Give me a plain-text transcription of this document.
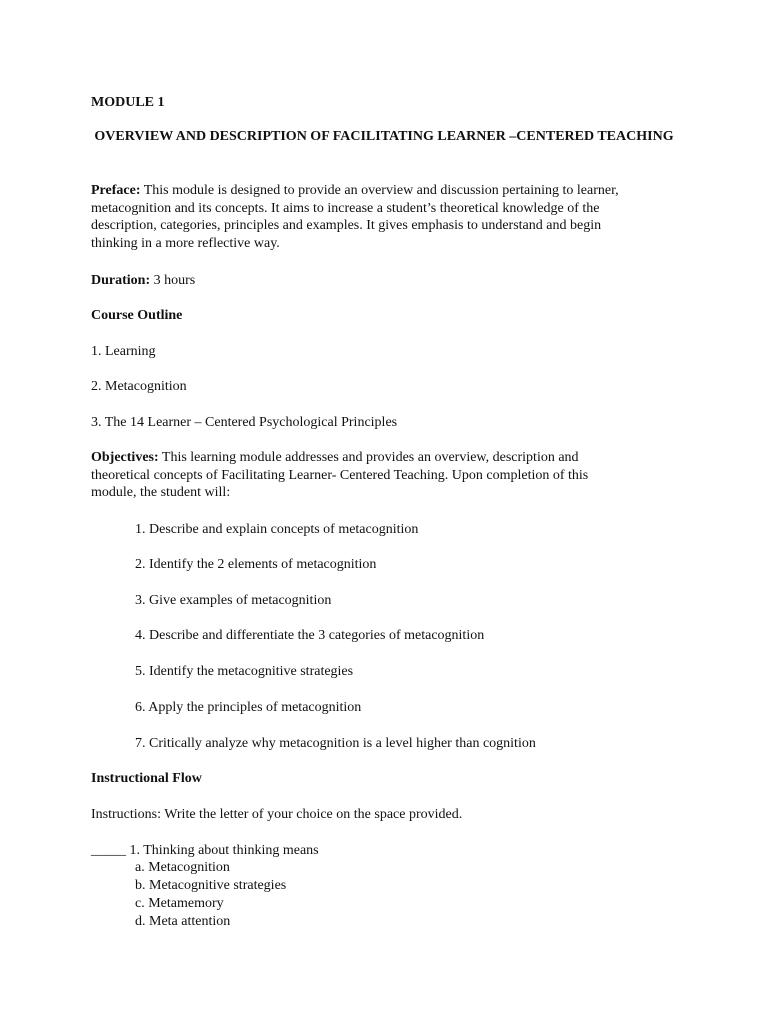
MODULE 1
OVERVIEW AND DESCRIPTION OF FACILITATING LEARNER –CENTERED TEACHING
Preface: This module is designed to provide an overview and discussion pertaining to learner,
metacognition and its concepts. It aims to increase a student’s theoretical knowledge of the
description, categories, principles and examples. It gives emphasis to understand and begin
thinking in a more reflective way.
Duration: 3 hours
Course Outline
1. Learning
2. Metacognition
3. The 14 Learner – Centered Psychological Principles
Objectives: This learning module addresses and provides an overview, description and
theoretical concepts of Facilitating Learner- Centered Teaching. Upon completion of this
module, the student will:
1. Describe and explain concepts of metacognition
2. Identify the 2 elements of metacognition
3. Give examples of metacognition
4. Describe and differentiate the 3 categories of metacognition
5. Identify the metacognitive strategies
6. Apply the principles of metacognition
7. Critically analyze why metacognition is a level higher than cognition
Instructional Flow
Instructions: Write the letter of your choice on the space provided.
_____ 1. Thinking about thinking means
a. Metacognition
b. Metacognitive strategies
c. Metamemory
d. Meta attention
